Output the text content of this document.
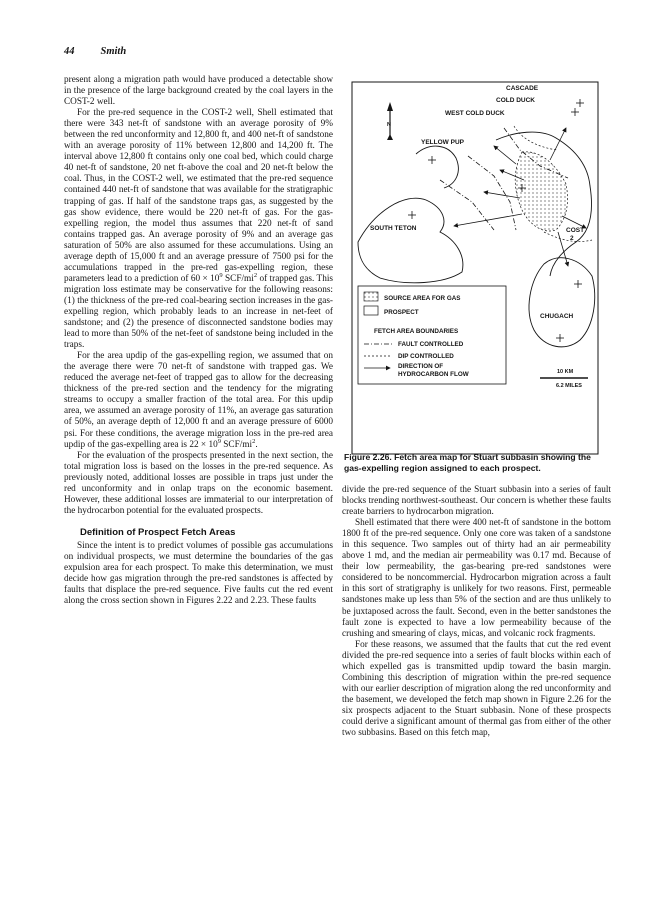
44 Smith

present along a migration path would have produced a detectable show in the presence of the large background created by the coal layers in the COST-2 well.

For the pre-red sequence in the COST-2 well, Shell estimated that there were 343 net-ft of sandstone with an average porosity of 9% between the red unconformity and 12,800 ft, and 400 net-ft of sandstone with an average porosity of 11% between 12,800 and 14,200 ft. The interval above 12,800 ft contains only one coal bed, which could charge 40 net-ft of sandstone, 20 net ft-above the coal and 20 net-ft below the coal. Thus, in the COST-2 well, we estimated that the pre-red sequence contained 440 net-ft of sandstone that was available for the stratigraphic trapping of gas. If half of the sandstone traps gas, as suggested by the gas show evidence, there would be 220 net-ft of gas. For the gas-expelling region, the model thus assumes that 220 net-ft of sand contains trapped gas. An average porosity of 9% and an average gas saturation of 50% are also assumed for these accumulations. Using an average depth of 15,000 ft and an average pressure of 7500 psi for the accumulations trapped in the pre-red gas-expelling region, these parameters lead to a prediction of $60 \times 10^9$ SCF/$mi^2$ of trapped gas. This migration loss estimate may be conservative for the following reasons: (1) the thickness of the pre-red coal-bearing section increases in the gas-expelling region, which probably leads to an increase in net-feet of sandstone; and (2) the presence of disconnected sandstone bodies may lead to more than 50% of the net-feet of sandstone being included in the traps.

For the area updip of the gas-expelling region, we assumed that on the average there were 70 net-ft of sandstone with trapped gas. We reduced the average net-feet of trapped gas to allow for the decreasing thickness of the pre-red section and the tendency for the migrating streams to occupy a smaller fraction of the total area. For this updip area, we assumed an average porosity of 11%, an average gas saturation of 50%, an average depth of 12,000 ft and an average pressure of 6000 psi. For these conditions, the average migration loss in the pre-red area updip of the gas-expelling area is $22 \times 10^9$ SCF/$mi^2$.

For the evaluation of the prospects presented in the next section, the total migration loss is based on the losses in the pre-red sequence. As previously noted, additional losses are possible in traps just under the red unconformity and in onlap traps on the economic basement. However, these additional losses are immaterial to our interpretation of the hydrocarbon potential for the evaluated prospects.

Definition of Prospect Fetch Areas

Since the intent is to predict volumes of possible gas accumulations on individual prospects, we must determine the boundaries of the gas expulsion area for each prospect. To make this determination, we must decide how gas migration through the pre-red sandstones is affected by faults that displace the pre-red sequence. Five faults cut the red event along the cross section shown in Figures 2.22 and 2.23. These faults

N
CASCADE
COLD DUCK
WEST COLD DUCK
YELLOW PUP
SOUTH TETON	COST
2
CHUGACH
SOURCE AREA FOR GAS
PROSPECT
FETCH AREA BOUNDARIES
FAULT CONTROLLED
DIP CONTROLLED
DIRECTION OF
HYDROCARBON FLOW	10 KM
6.2 MILES
Figure 2.26. Fetch area map for Stuart subbasin showing the gas-expelling region assigned to each prospect.

divide the pre-red sequence of the Stuart subbasin into a series of fault blocks trending northwest-southeast. Our concern is whether these faults create barriers to hydrocarbon migration.

Shell estimated that there were 400 net-ft of sandstone in the bottom 1800 ft of the pre-red sequence. Only one core was taken of a sandstone in this sequence. Two samples out of thirty had an air permeability above 1 md, and the median air permeability was 0.17 md. Because of their low permeability, the gas-bearing pre-red sandstones were considered to be noncommercial. Hydrocarbon migration across a fault in this sort of stratigraphy is unlikely for two reasons. First, permeable sandstones make up less than 5% of the section and are thus unlikely to be juxtaposed across the fault. Second, even in the better sandstones the fault zone is expected to have a low permeability because of the crushing and smearing of clays, micas, and volcanic rock fragments.

For these reasons, we assumed that the faults that cut the red event divided the pre-red sequence into a series of fault blocks within each of which expelled gas is transmitted updip toward the basin margin. Combining this description of migration within the pre-red sequence with our earlier description of migration along the red unconformity and the basement, we developed the fetch map shown in Figure 2.26 for the six prospects adjacent to the Stuart subbasin. None of these prospects could derive a significant amount of thermal gas from either of the other two subbasins. Based on this fetch map,
